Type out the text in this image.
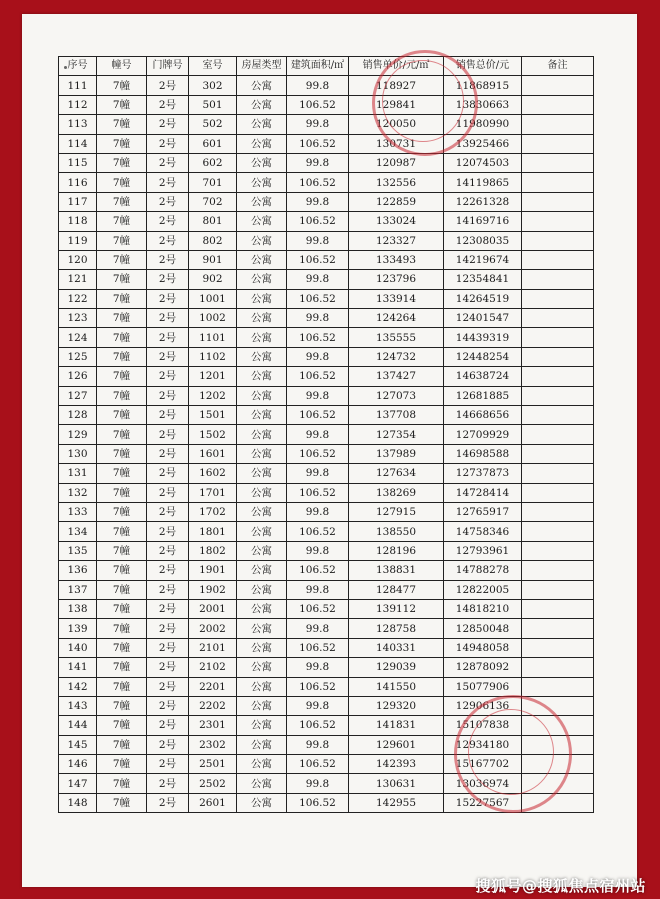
序号	幢号	门牌号	室号	房屋类型	建筑面积/㎡	销售单价/元/㎡	销售总价/元	备注
111	7幢	2号	302	公寓	99.8	118927	11868915	
112	7幢	2号	501	公寓	106.52	129841	13830663	
113	7幢	2号	502	公寓	99.8	120050	11980990	
114	7幢	2号	601	公寓	106.52	130731	13925466	
115	7幢	2号	602	公寓	99.8	120987	12074503	
116	7幢	2号	701	公寓	106.52	132556	14119865	
117	7幢	2号	702	公寓	99.8	122859	12261328	
118	7幢	2号	801	公寓	106.52	133024	14169716	
119	7幢	2号	802	公寓	99.8	123327	12308035	
120	7幢	2号	901	公寓	106.52	133493	14219674	
121	7幢	2号	902	公寓	99.8	123796	12354841	
122	7幢	2号	1001	公寓	106.52	133914	14264519	
123	7幢	2号	1002	公寓	99.8	124264	12401547	
124	7幢	2号	1101	公寓	106.52	135555	14439319	
125	7幢	2号	1102	公寓	99.8	124732	12448254	
126	7幢	2号	1201	公寓	106.52	137427	14638724	
127	7幢	2号	1202	公寓	99.8	127073	12681885	
128	7幢	2号	1501	公寓	106.52	137708	14668656	
129	7幢	2号	1502	公寓	99.8	127354	12709929	
130	7幢	2号	1601	公寓	106.52	137989	14698588	
131	7幢	2号	1602	公寓	99.8	127634	12737873	
132	7幢	2号	1701	公寓	106.52	138269	14728414	
133	7幢	2号	1702	公寓	99.8	127915	12765917	
134	7幢	2号	1801	公寓	106.52	138550	14758346	
135	7幢	2号	1802	公寓	99.8	128196	12793961	
136	7幢	2号	1901	公寓	106.52	138831	14788278	
137	7幢	2号	1902	公寓	99.8	128477	12822005	
138	7幢	2号	2001	公寓	106.52	139112	14818210	
139	7幢	2号	2002	公寓	99.8	128758	12850048	
140	7幢	2号	2101	公寓	106.52	140331	14948058	
141	7幢	2号	2102	公寓	99.8	129039	12878092	
142	7幢	2号	2201	公寓	106.52	141550	15077906	
143	7幢	2号	2202	公寓	99.8	129320	12906136	
144	7幢	2号	2301	公寓	106.52	141831	15107838	
145	7幢	2号	2302	公寓	99.8	129601	12934180	
146	7幢	2号	2501	公寓	106.52	142393	15167702	
147	7幢	2号	2502	公寓	99.8	130631	13036974	
148	7幢	2号	2601	公寓	106.52	142955	15227567	
搜狐号@搜狐焦点宿州站
